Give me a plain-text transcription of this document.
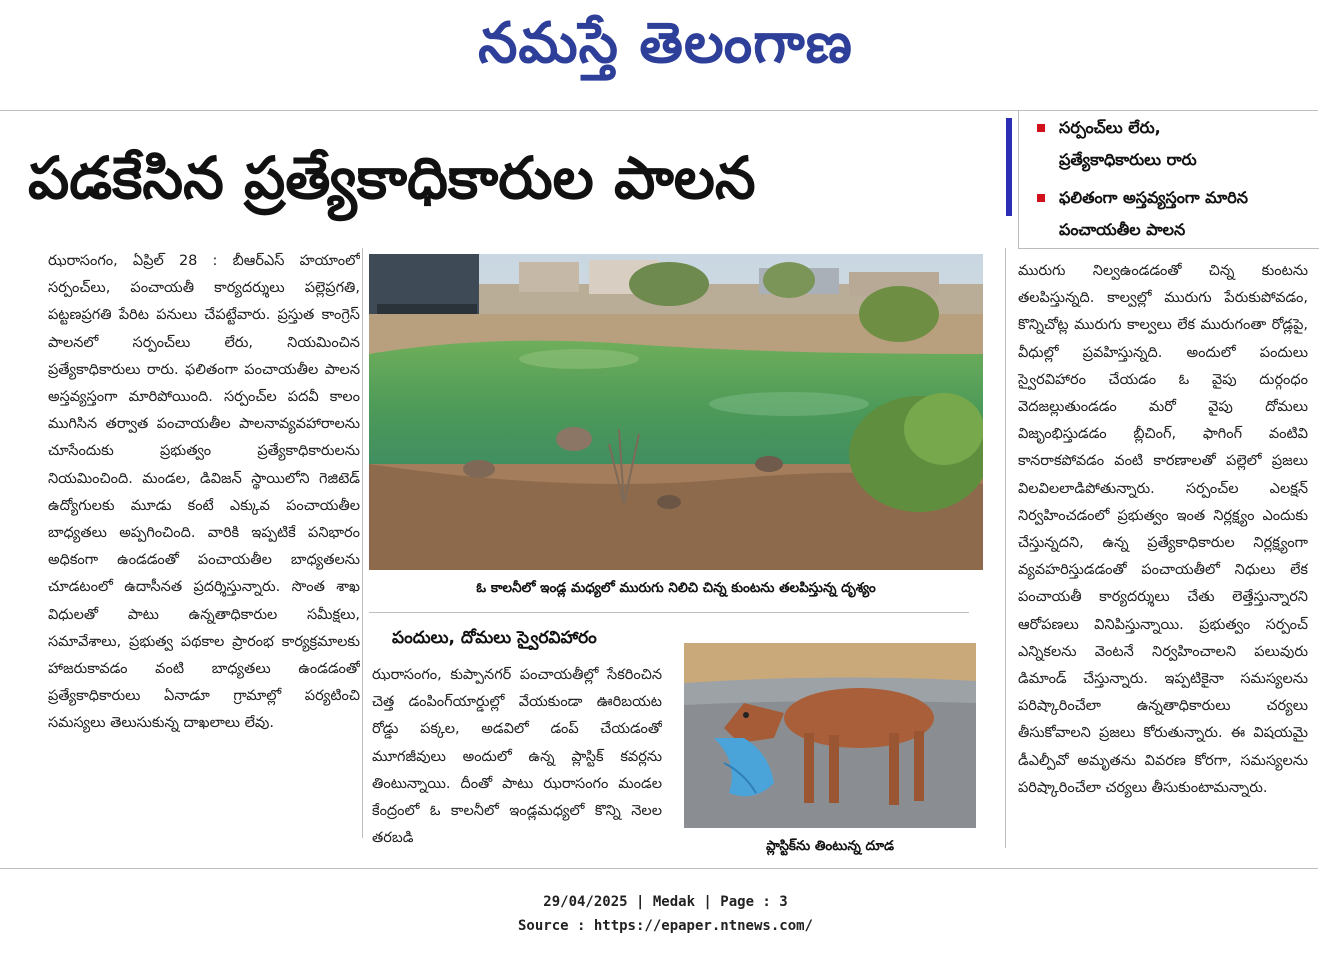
నమస్తే తెలంగాణ
పడకేసిన ప్రత్యేకాధికారుల పాలన
సర్పంచ్‌లు లేరు,
ప్రత్యేకాధికారులు రారు
ఫలితంగా అస్తవ్యస్తంగా మారిన
పంచాయతీల పాలన

ఝరాసంగం, ఏప్రిల్ 28 : బీఆర్‌ఎస్ హయాంలో సర్పంచ్‌లు, పంచాయతీ కార్యదర్శులు పల్లెప్రగతి, పట్టణప్రగతి పేరిట పనులు చేపట్టేవారు. ప్రస్తుత కాంగ్రెస్ పాలనలో సర్పంచ్‌లు లేరు, నియమించిన ప్రత్యేకాధికారులు రారు. ఫలితంగా పంచాయతీల పాలన అస్తవ్యస్తంగా మారిపోయింది. సర్పంచ్‌ల పదవీ కాలం ముగిసిన తర్వాత పంచాయతీల పాలనావ్యవహారాలను చూసేందుకు ప్రభుత్వం ప్రత్యేకాధికారులను నియమించింది. మండల, డివిజన్ స్థాయిలోని గెజిటెడ్ ఉద్యోగులకు మూడు కంటే ఎక్కువ పంచాయతీల బాధ్యతలు అప్పగించింది. వారికి ఇప్పటికే పనిభారం అధికంగా ఉండడంతో పంచాయతీల బాధ్యతలను చూడటంలో ఉదాసీనత ప్రదర్శిస్తున్నారు. సొంత శాఖ విధులతో పాటు ఉన్నతాధికారుల సమీక్షలు, సమావేశాలు, ప్రభుత్వ పథకాల ప్రారంభ కార్యక్రమాలకు హాజరుకావడం వంటి బాధ్యతలు ఉండడంతో ప్రత్యేకాధికారులు ఏనాడూ గ్రామాల్లో పర్యటించి సమస్యలు తెలుసుకున్న దాఖలాలు లేవు.

ఓ కాలనీలో ఇండ్ల మధ్యలో మురుగు నిలిచి చిన్న కుంటను తలపిస్తున్న దృశ్యం
పందులు, దోమలు స్వైరవిహారం

ఝరాసంగం, కుప్పానగర్ పంచాయతీల్లో సేకరించిన చెత్త డంపింగ్‌యార్డుల్లో వేయకుండా ఊరిబయట రోడ్డు పక్కల, అడవిలో డంప్ చేయడంతో మూగజీవులు అందులో ఉన్న ప్లాస్టిక్ కవర్లను తింటున్నాయి. దీంతో పాటు ఝరాసంగం మండల కేంద్రంలో ఓ కాలనీలో ఇండ్లమధ్యలో కొన్ని నెలల తరబడి	ప్లాస్టిక్‌ను తింటున్న దూడ

మురుగు నిల్వఉండడంతో చిన్న కుంటను తలపిస్తున్నది. కాల్వల్లో మురుగు పేరుకుపోవడం, కొన్నిచోట్ల మురుగు కాల్వలు లేక మురుగంతా రోడ్లపై, వీధుల్లో ప్రవహిస్తున్నది. అందులో పందులు స్వైరవిహారం చేయడం ఓ వైపు దుర్గంధం వెదజల్లుతుండడం మరో వైపు దోమలు విజృంభిస్తుడడం బ్లీచింగ్, ఫాగింగ్ వంటివి కానరాకపోవడం వంటి కారణాలతో పల్లెలో ప్రజలు విలవిలలాడిపోతున్నారు. సర్పంచ్‌ల ఎలక్షన్ నిర్వహించడంలో ప్రభుత్వం ఇంత నిర్లక్ష్యం ఎందుకు చేస్తున్నదని, ఉన్న ప్రత్యేకాధికారుల నిర్లక్ష్యంగా వ్యవహరిస్తుడడంతో పంచాయతీలో నిధులు లేక పంచాయతీ కార్యదర్శులు చేతు లెత్తేస్తున్నారని ఆరోపణలు వినిపిస్తున్నాయి. ప్రభుత్వం సర్పంచ్ ఎన్నికలను వెంటనే నిర్వహించాలని పలువురు డిమాండ్ చేస్తున్నారు. ఇప్పటికైనా సమస్యలను పరిష్కారించేలా ఉన్నతాధికారులు చర్యలు తీసుకోవాలని ప్రజలు కోరుతున్నారు. ఈ విషయమై డీఎల్పీవో అమృతను వివరణ కోరగా, సమస్యలను పరిష్కారించేలా చర్యలు తీసుకుంటామన్నారు.

29/04/2025 | Medak | Page : 3
Source : https://epaper.ntnews.com/
